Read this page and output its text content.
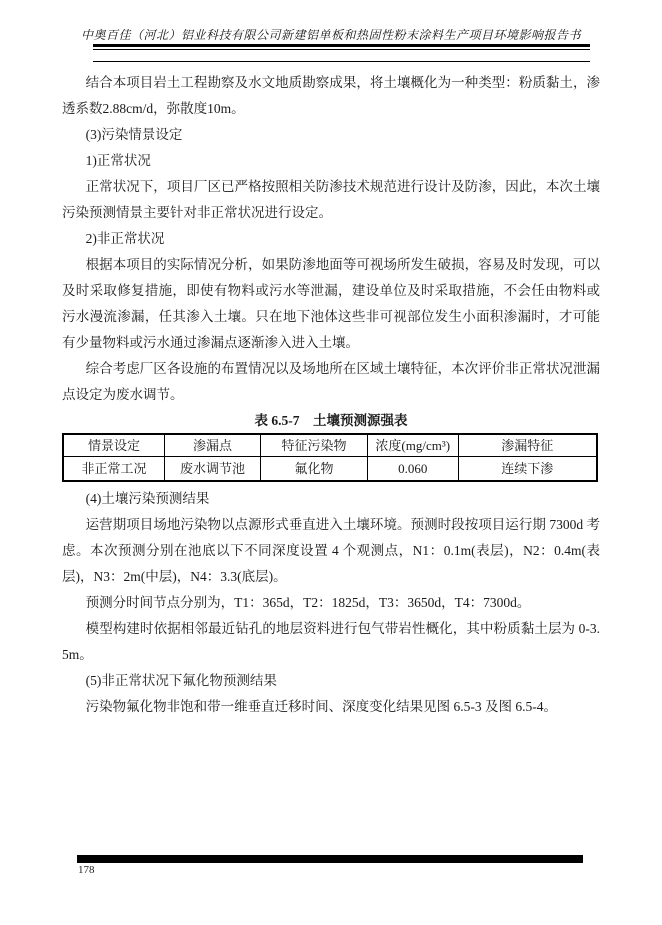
中奥百佳（河北）铝业科技有限公司新建铝单板和热固性粉末涂料生产项目环境影响报告书

结合本项目岩土工程勘察及水文地质勘察成果，将土壤概化为一种类型：粉质黏土，渗透系数2.88cm/d，弥散度10m。

(3)污染情景设定

1)正常状况

正常状况下，项目厂区已严格按照相关防渗技术规范进行设计及防渗，因此，本次土壤污染预测情景主要针对非正常状况进行设定。

2)非正常状况

根据本项目的实际情况分析，如果防渗地面等可视场所发生破损，容易及时发现，可以及时采取修复措施，即使有物料或污水等泄漏，建设单位及时采取措施，不会任由物料或污水漫流渗漏，任其渗入土壤。只在地下池体这些非可视部位发生小面积渗漏时，才可能有少量物料或污水通过渗漏点逐渐渗入进入土壤。

综合考虑厂区各设施的布置情况以及场地所在区域土壤特征，本次评价非正常状况泄漏点设定为废水调节。

表 6.5-7　土壤预测源强表
情景设定	渗漏点	特征污染物	浓度(mg/cm³)	渗漏特征
非正常工况	废水调节池	氟化物	0.060	连续下渗

(4)土壤污染预测结果

运营期项目场地污染物以点源形式垂直进入土壤环境。预测时段按项目运行期 7300d 考虑。本次预测分别在池底以下不同深度设置 4 个观测点，N1：0.1m(表层)，N2：0.4m(表层)，N3：2m(中层)，N4：3.3(底层)。

预测分时间节点分别为，T1：365d，T2：1825d，T3：3650d，T4：7300d。

模型构建时依据相邻最近钻孔的地层资料进行包气带岩性概化，其中粉质黏土层为 0-3.5m。

(5)非正常状况下氟化物预测结果

污染物氟化物非饱和带一维垂直迁移时间、深度变化结果见图 6.5-3 及图 6.5-4。

178
